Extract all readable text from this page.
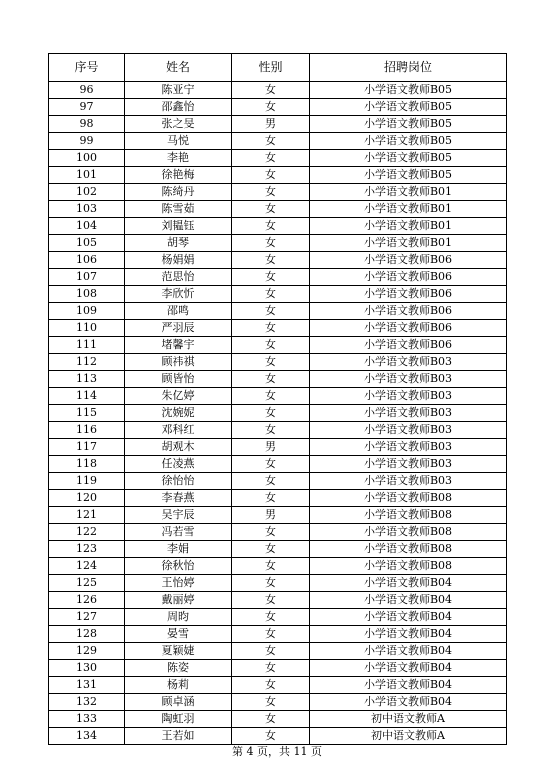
序号	姓名	性别	招聘岗位
96	陈亚宁	女	小学语文教师B05
97	邵鑫怡	女	小学语文教师B05
98	张之旻	男	小学语文教师B05
99	马悦	女	小学语文教师B05
100	李艳	女	小学语文教师B05
101	徐艳梅	女	小学语文教师B05
102	陈绮丹	女	小学语文教师B01
103	陈雪茹	女	小学语文教师B01
104	刘韫钰	女	小学语文教师B01
105	胡琴	女	小学语文教师B01
106	杨娟娟	女	小学语文教师B06
107	范思怡	女	小学语文教师B06
108	李欣忻	女	小学语文教师B06
109	邵鸣	女	小学语文教师B06
110	严羽辰	女	小学语文教师B06
111	堵馨宇	女	小学语文教师B06
112	顾祎祺	女	小学语文教师B03
113	顾皆怡	女	小学语文教师B03
114	朱亿婷	女	小学语文教师B03
115	沈婉妮	女	小学语文教师B03
116	邓科红	女	小学语文教师B03
117	胡观木	男	小学语文教师B03
118	任凌燕	女	小学语文教师B03
119	徐怡怡	女	小学语文教师B03
120	李春燕	女	小学语文教师B08
121	吴宇辰	男	小学语文教师B08
122	冯若雪	女	小学语文教师B08
123	李娟	女	小学语文教师B08
124	徐秋怡	女	小学语文教师B08
125	王怡婷	女	小学语文教师B04
126	戴丽婷	女	小学语文教师B04
127	周昀	女	小学语文教师B04
128	晏雪	女	小学语文教师B04
129	夏颖婕	女	小学语文教师B04
130	陈姿	女	小学语文教师B04
131	杨莉	女	小学语文教师B04
132	顾卓涵	女	小学语文教师B04
133	陶虹羽	女	初中语文教师A
134	王若如	女	初中语文教师A
第 4 页，共 11 页
